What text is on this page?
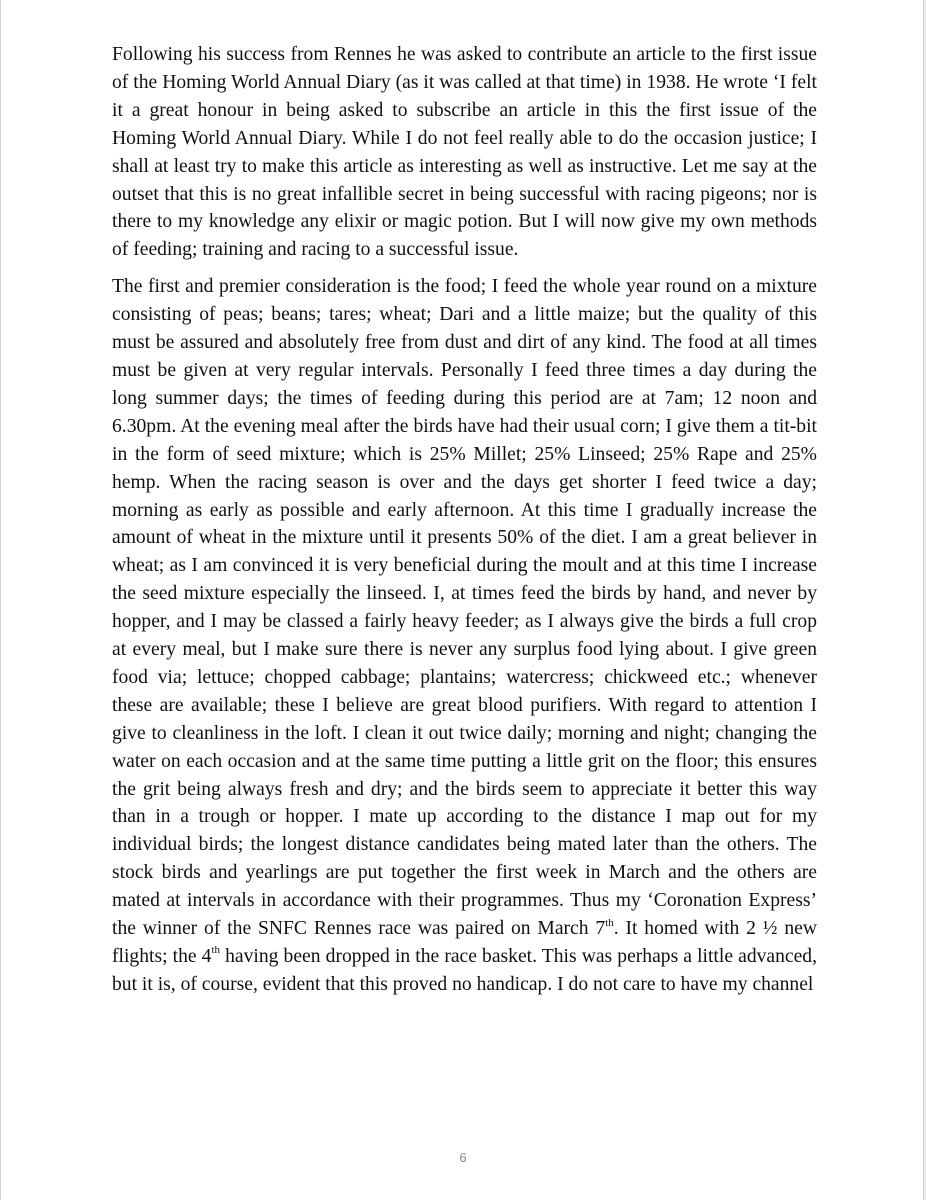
Following his success from Rennes he was asked to contribute an article to the first issue of the Homing World Annual Diary (as it was called at that time) in 1938. He wrote ‘I felt it a great honour in being asked to subscribe an article in this the first issue of the Homing World Annual Diary. While I do not feel really able to do the occasion justice; I shall at least try to make this article as interesting as well as instructive. Let me say at the outset that this is no great infallible secret in being successful with racing pigeons; nor is there to my knowledge any elixir or magic potion. But I will now give my own methods of feeding; training and racing to a successful issue.

The first and premier consideration is the food; I feed the whole year round on a mixture consisting of peas; beans; tares; wheat; Dari and a little maize; but the quality of this must be assured and absolutely free from dust and dirt of any kind. The food at all times must be given at very regular intervals. Personally I feed three times a day during the long summer days; the times of feeding during this period are at 7am; 12 noon and 6.30pm. At the evening meal after the birds have had their usual corn; I give them a tit-bit in the form of seed mixture; which is 25% Millet; 25% Linseed; 25% Rape and 25% hemp. When the racing season is over and the days get shorter I feed twice a day; morning as early as possible and early afternoon. At this time I gradually increase the amount of wheat in the mixture until it presents 50% of the diet. I am a great believer in wheat; as I am convinced it is very beneficial during the moult and at this time I increase the seed mixture especially the linseed. I, at times feed the birds by hand, and never by hopper, and I may be classed a fairly heavy feeder; as I always give the birds a full crop at every meal, but I make sure there is never any surplus food lying about. I give green food via; lettuce; chopped cabbage; plantains; watercress; chickweed etc.; whenever these are available; these I believe are great blood purifiers. With regard to attention I give to cleanliness in the loft. I clean it out twice daily; morning and night; changing the water on each occasion and at the same time putting a little grit on the floor; this ensures the grit being always fresh and dry; and the birds seem to appreciate it better this way than in a trough or hopper. I mate up according to the distance I map out for my individual birds; the longest distance candidates being mated later than the others. The stock birds and yearlings are put together the first week in March and the others are mated at intervals in accordance with their programmes. Thus my ‘Coronation Express’ the winner of the SNFC Rennes race was paired on March 7th. It homed with 2 ½ new flights; the 4th having been dropped in the race basket. This was perhaps a little advanced, but it is, of course, evident that this proved no handicap. I do not care to have my channel

6
